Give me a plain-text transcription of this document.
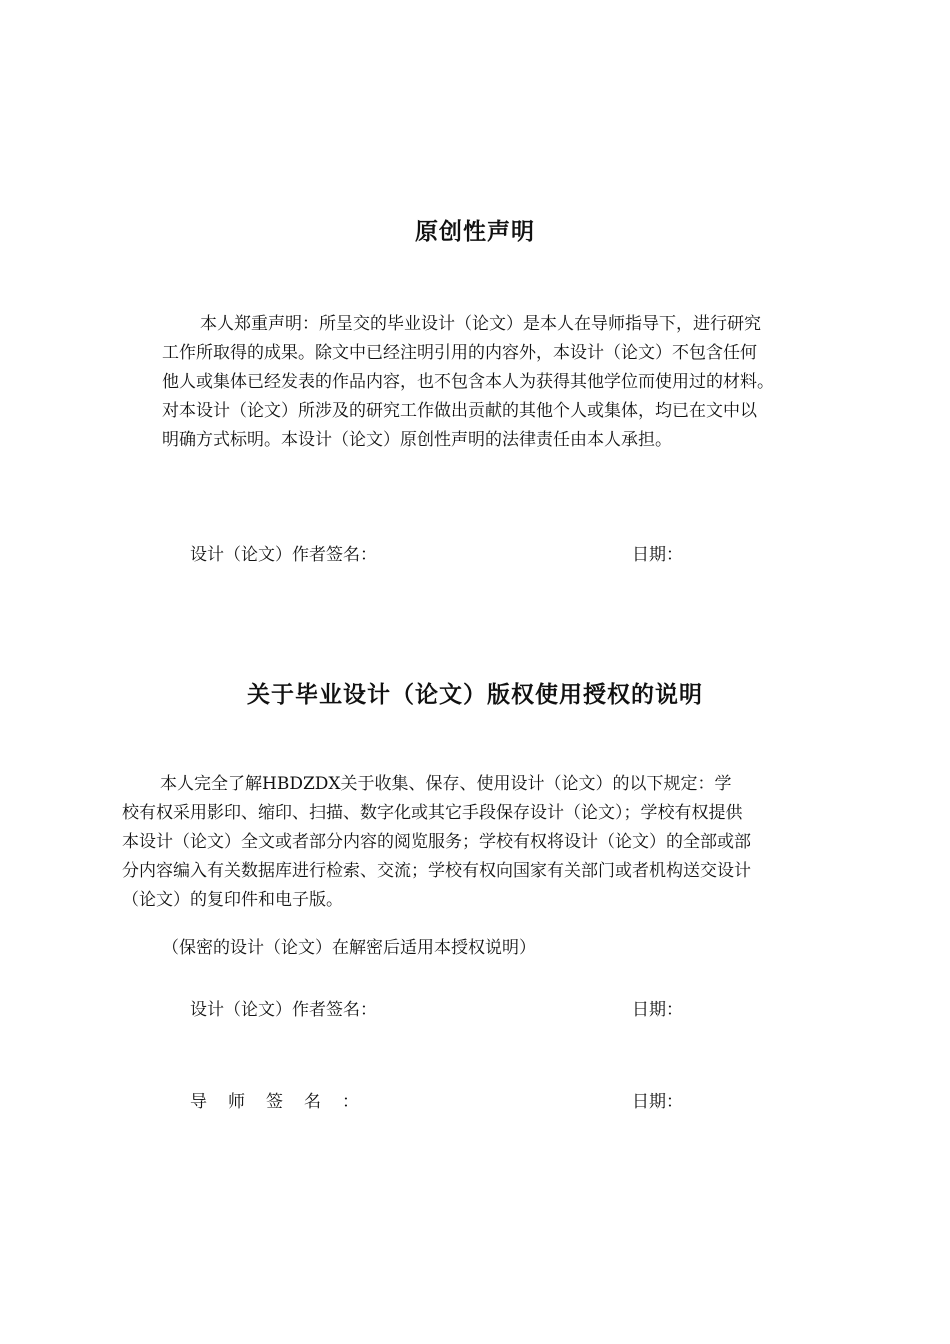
原创性声明
本人郑重声明：所呈交的毕业设计（论文）是本人在导师指导下，进行研究
工作所取得的成果。除文中已经注明引用的内容外，本设计（论文）不包含任何
他人或集体已经发表的作品内容，也不包含本人为获得其他学位而使用过的材料。
对本设计（论文）所涉及的研究工作做出贡献的其他个人或集体，均已在文中以
明确方式标明。本设计（论文）原创性声明的法律责任由本人承担。
设计（论文）作者签名：	日期：
关于毕业设计（论文）版权使用授权的说明
本人完全了解HBDZDX关于收集、保存、使用设计（论文）的以下规定：学
校有权采用影印、缩印、扫描、数字化或其它手段保存设计（论文）；学校有权提供
本设计（论文）全文或者部分内容的阅览服务；学校有权将设计（论文）的全部或部
分内容编入有关数据库进行检索、交流；学校有权向国家有关部门或者机构送交设计
（论文）的复印件和电子版。
（保密的设计（论文）在解密后适用本授权说明）
设计（论文）作者签名：	日期：
导师签名：	日期：
